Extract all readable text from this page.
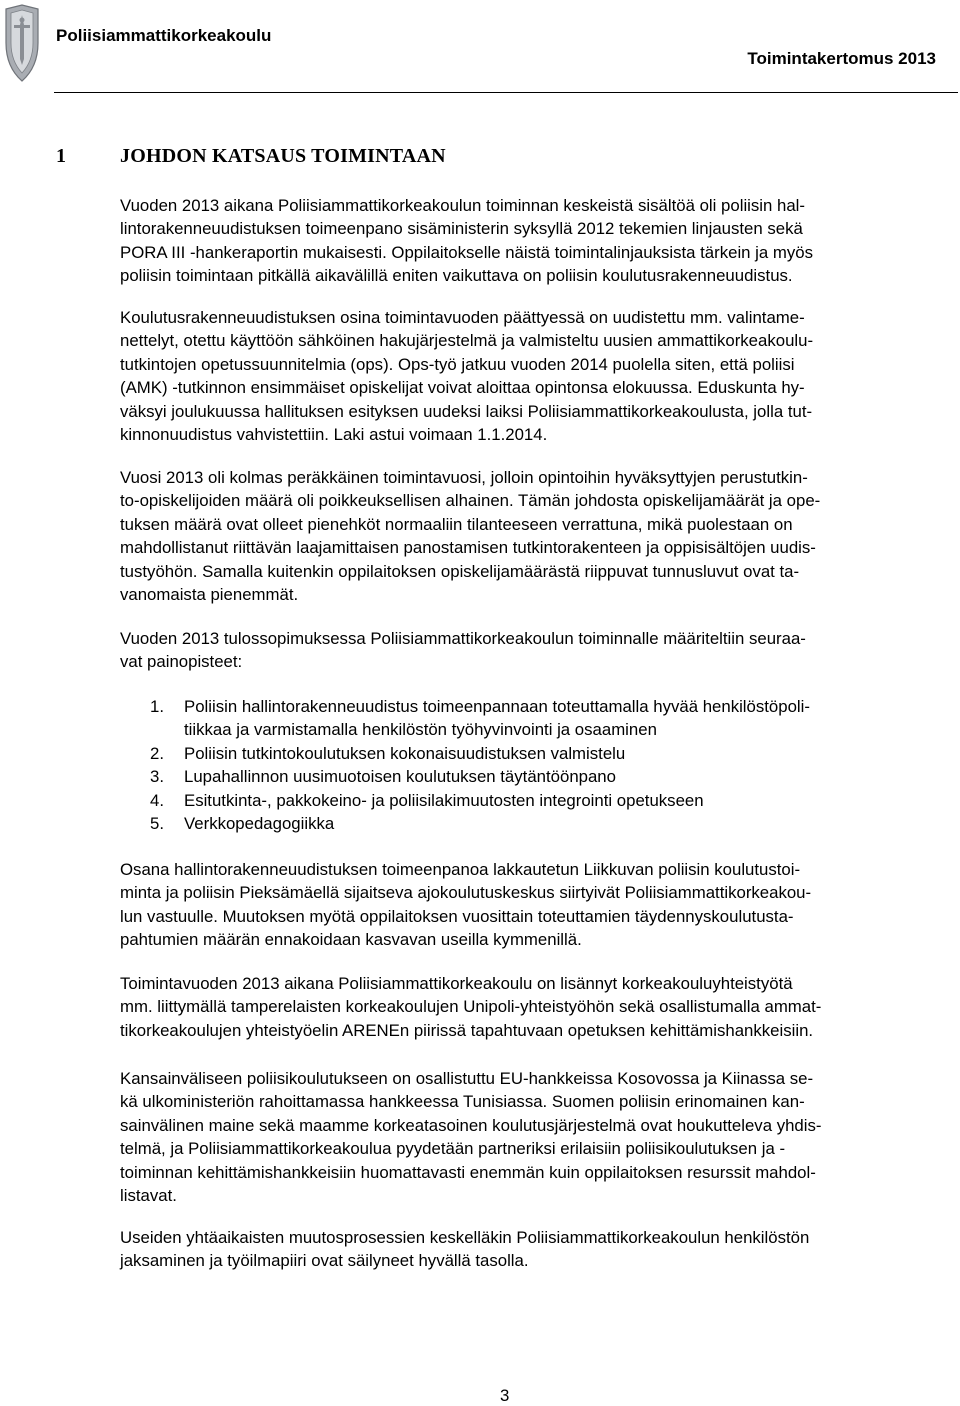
Poliisiammattikorkeakoulu
Toimintakertomus 2013
1	JOHDON KATSAUS TOIMINTAAN

Vuoden 2013 aikana Poliisiammattikorkeakoulun toiminnan keskeistä sisältöä oli poliisin hal-
lintorakenneuudistuksen toimeenpano sisäministerin syksyllä 2012 tekemien linjausten sekä
PORA III -hankeraportin mukaisesti. Oppilaitokselle näistä toimintalinjauksista tärkein ja myös
poliisin toimintaan pitkällä aikavälillä eniten vaikuttava on poliisin koulutusrakenneuudistus.

Koulutusrakenneuudistuksen osina toimintavuoden päättyessä on uudistettu mm. valintame-
nettelyt, otettu käyttöön sähköinen hakujärjestelmä ja valmisteltu uusien ammattikorkeakoulu-
tutkintojen opetussuunnitelmia (ops). Ops-työ jatkuu vuoden 2014 puolella siten, että poliisi
(AMK) -tutkinnon ensimmäiset opiskelijat voivat aloittaa opintonsa elokuussa. Eduskunta hy-
väksyi joulukuussa hallituksen esityksen uudeksi laiksi Poliisiammattikorkeakoulusta, jolla tut-
kinnonuudistus vahvistettiin. Laki astui voimaan 1.1.2014.

Vuosi 2013 oli kolmas peräkkäinen toimintavuosi, jolloin opintoihin hyväksyttyjen perustutkin-
to-opiskelijoiden määrä oli poikkeuksellisen alhainen. Tämän johdosta opiskelijamäärät ja ope-
tuksen määrä ovat olleet pienehköt normaaliin tilanteeseen verrattuna, mikä puolestaan on
mahdollistanut riittävän laajamittaisen panostamisen tutkintorakenteen ja oppisisältöjen uudis-
tustyöhön. Samalla kuitenkin oppilaitoksen opiskelijamäärästä riippuvat tunnusluvut ovat ta-
vanomaista pienemmät.

Vuoden 2013 tulossopimuksessa Poliisiammattikorkeakoulun toiminnalle määriteltiin seuraa-
vat painopisteet:

1. Poliisin hallintorakenneuudistus toimeenpannaan toteuttamalla hyvää henkilöstöpoli-
tiikkaa ja varmistamalla henkilöstön työhyvinvointi ja osaaminen
2. Poliisin tutkintokoulutuksen kokonaisuudistuksen valmistelu
3. Lupahallinnon uusimuotoisen koulutuksen täytäntöönpano
4. Esitutkinta-, pakkokeino- ja poliisilakimuutosten integrointi opetukseen
5. Verkkopedagogiikka

Osana hallintorakenneuudistuksen toimeenpanoa lakkautetun Liikkuvan poliisin koulutustoi-
minta ja poliisin Pieksämäellä sijaitseva ajokoulutuskeskus siirtyivät Poliisiammattikorkeakou-
lun vastuulle. Muutoksen myötä oppilaitoksen vuosittain toteuttamien täydennyskoulutusta-
pahtumien määrän ennakoidaan kasvavan useilla kymmenillä.

Toimintavuoden 2013 aikana Poliisiammattikorkeakoulu on lisännyt korkeakouluyhteistyötä
mm. liittymällä tamperelaisten korkeakoulujen Unipoli-yhteistyöhön sekä osallistumalla ammat-
tikorkeakoulujen yhteistyöelin ARENEn piirissä tapahtuvaan opetuksen kehittämishankkeisiin.

Kansainväliseen poliisikoulutukseen on osallistuttu EU-hankkeissa Kosovossa ja Kiinassa se-
kä ulkoministeriön rahoittamassa hankkeessa Tunisiassa. Suomen poliisin erinomainen kan-
sainvälinen maine sekä maamme korkeatasoinen koulutusjärjestelmä ovat houkutteleva yhdis-
telmä, ja Poliisiammattikorkeakoulua pyydetään partneriksi erilaisiin poliisikoulutuksen ja -
toiminnan kehittämishankkeisiin huomattavasti enemmän kuin oppilaitoksen resurssit mahdol-
listavat.

Useiden yhtäaikaisten muutosprosessien keskelläkin Poliisiammattikorkeakoulun henkilöstön
jaksaminen ja työilmapiiri ovat säilyneet hyvällä tasolla.

3
